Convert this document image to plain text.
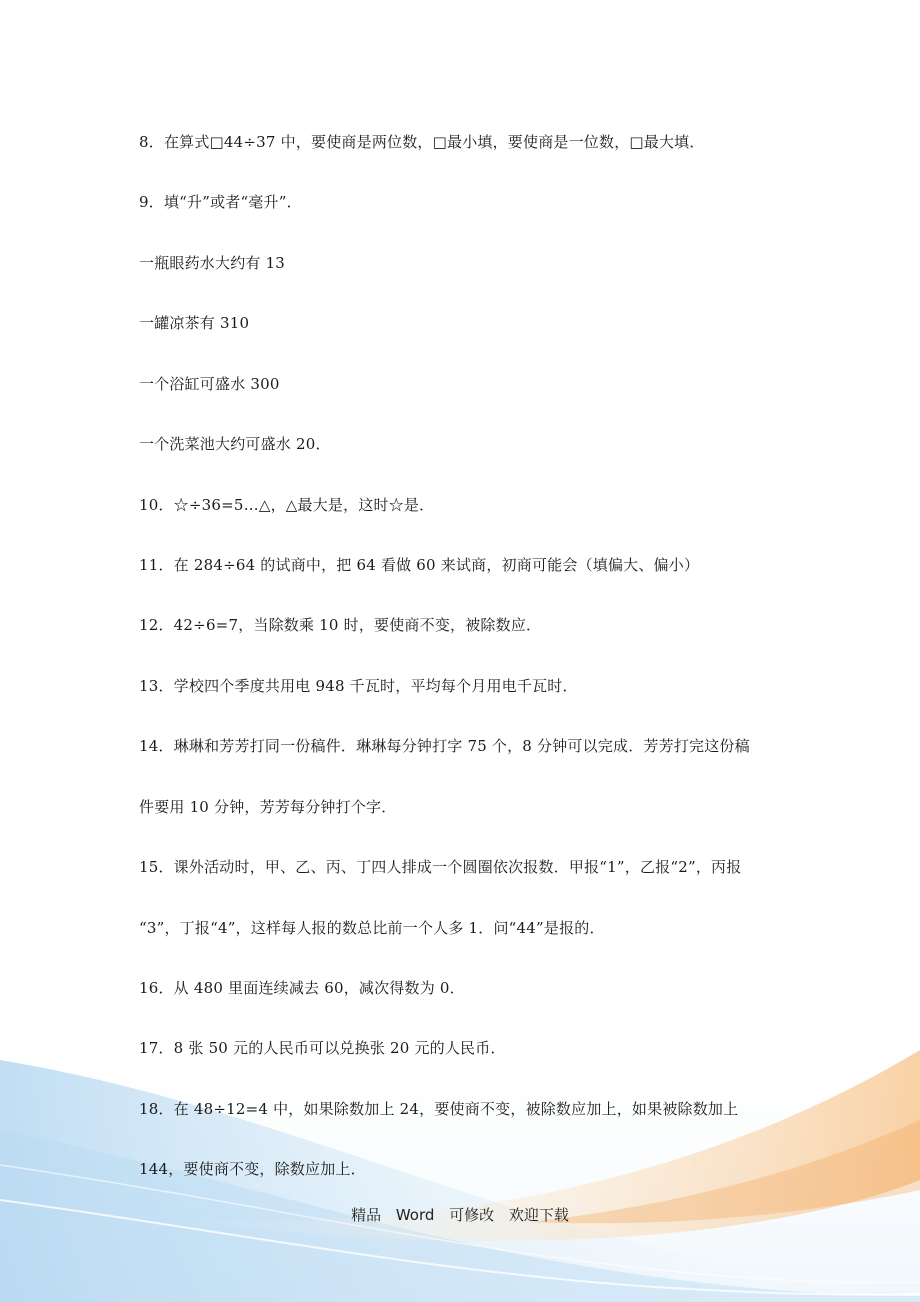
8．在算式□44÷37 中，要使商是两位数，□最小填，要使商是一位数，□最大填．
9．填“升”或者“毫升”．
一瓶眼药水大约有 13
一罐凉茶有 310
一个浴缸可盛水 300
一个洗菜池大约可盛水 20．
10．☆÷36=5…△，△最大是，这时☆是．
11．在 284÷64 的试商中，把 64 看做 60 来试商，初商可能会（填偏大、偏小）
12．42÷6=7，当除数乘 10 时，要使商不变，被除数应．
13．学校四个季度共用电 948 千瓦时，平均每个月用电千瓦时．
14．琳琳和芳芳打同一份稿件．琳琳每分钟打字 75 个，8 分钟可以完成．芳芳打完这份稿
件要用 10 分钟，芳芳每分钟打个字．
15．课外活动时，甲、乙、丙、丁四人排成一个圆圈依次报数．甲报“1”，乙报“2”，丙报
“3”，丁报“4”，这样每人报的数总比前一个人多 1．问“44”是报的．
16．从 480 里面连续减去 60，减次得数为 0．
17．8 张 50 元的人民币可以兑换张 20 元的人民币．
18．在 48÷12=4 中，如果除数加上 24，要使商不变，被除数应加上，如果被除数加上
144，要使商不变，除数应加上．
精品 Word 可修改 欢迎下载
